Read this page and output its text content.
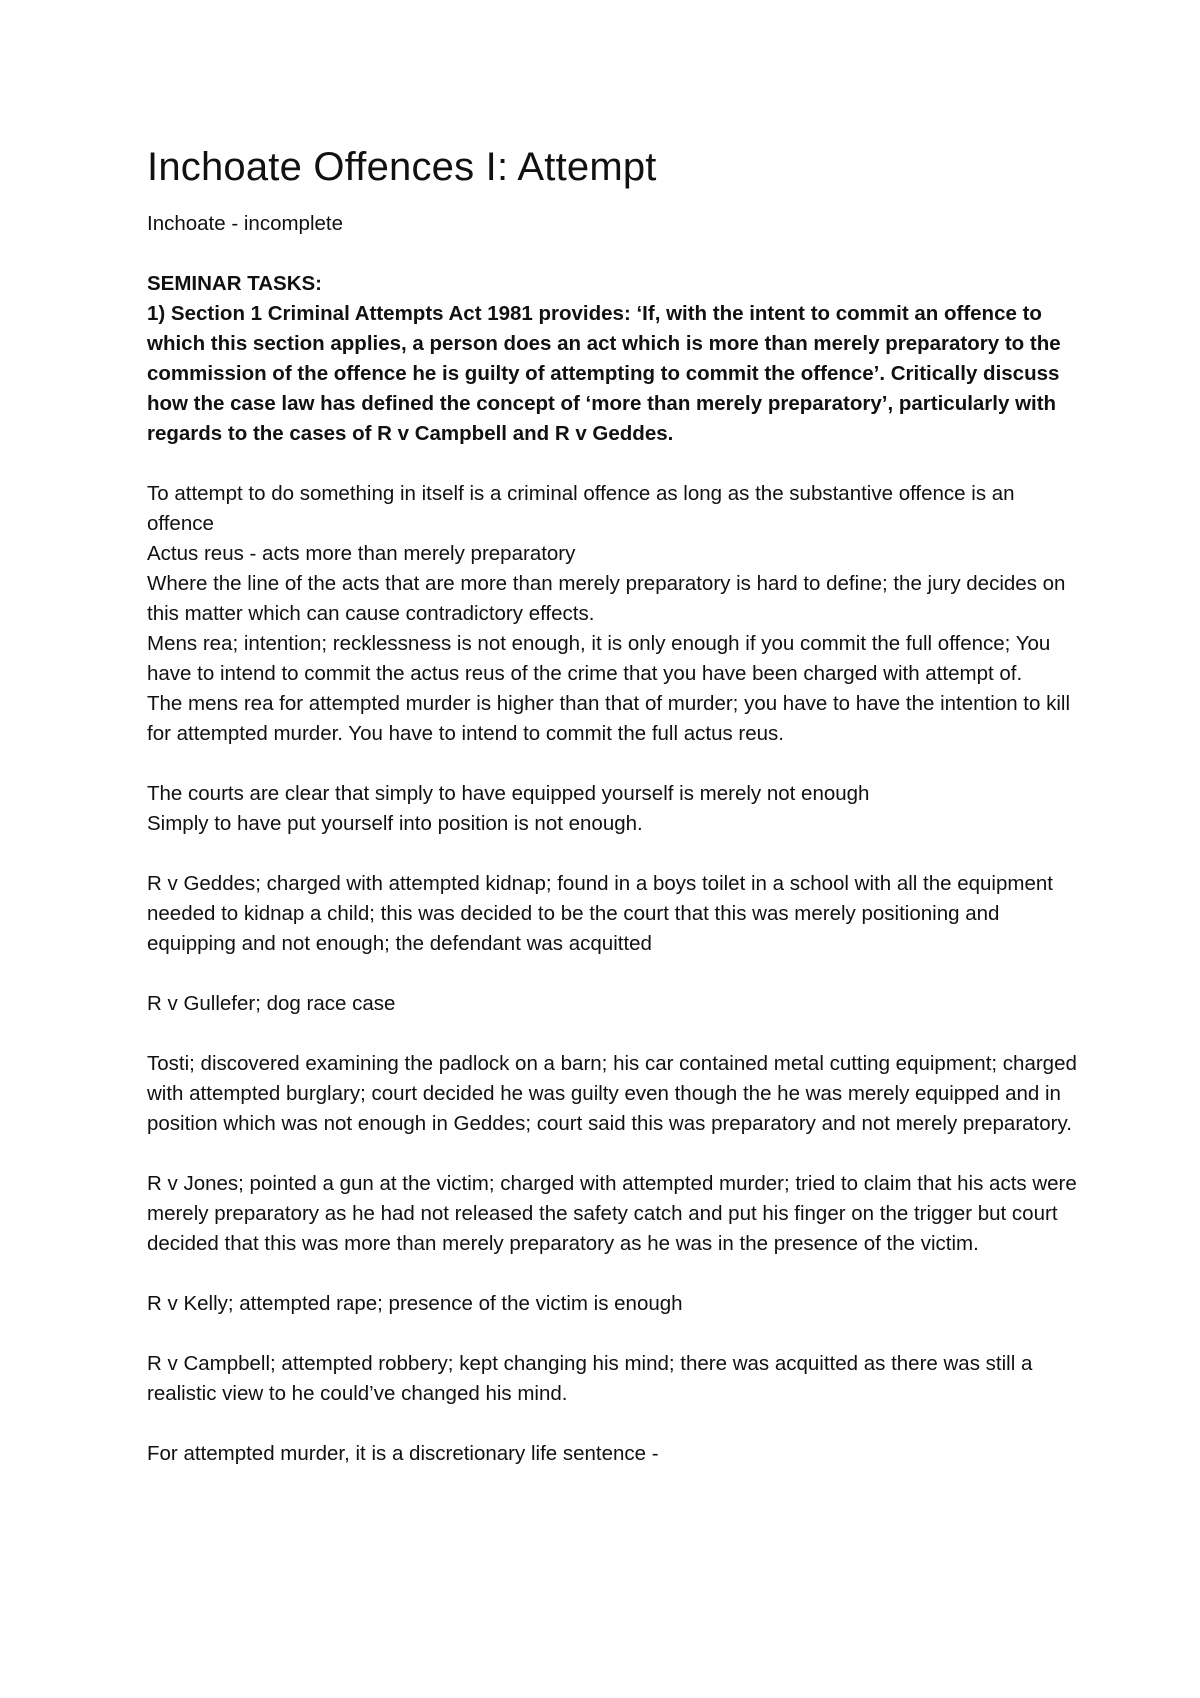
Inchoate Offences I: Attempt

Inchoate - incomplete

SEMINAR TASKS:

1) Section 1 Criminal Attempts Act 1981 provides: ‘If, with the intent to commit an offence to which this section applies, a person does an act which is more than merely preparatory to the commission of the offence he is guilty of attempting to commit the offence’. Critically discuss how the case law has defined the concept of ‘more than merely preparatory’, particularly with regards to the cases of R v Campbell and R v Geddes.

To attempt to do something in itself is a criminal offence as long as the substantive offence is an offence

Actus reus - acts more than merely preparatory

Where the line of the acts that are more than merely preparatory is hard to define; the jury decides on this matter which can cause contradictory effects.

Mens rea; intention; recklessness is not enough, it is only enough if you commit the full offence; You have to intend to commit the actus reus of the crime that you have been charged with attempt of.

The mens rea for attempted murder is higher than that of murder; you have to have the intention to kill for attempted murder. You have to intend to commit the full actus reus.

The courts are clear that simply to have equipped yourself is merely not enough

Simply to have put yourself into position is not enough.

R v Geddes; charged with attempted kidnap; found in a boys toilet in a school with all the equipment needed to kidnap a child; this was decided to be the court that this was merely positioning and equipping and not enough; the defendant was acquitted

R v Gullefer; dog race case

Tosti; discovered examining the padlock on a barn; his car contained metal cutting equipment; charged with attempted burglary; court decided he was guilty even though the he was merely equipped and in position which was not enough in Geddes; court said this was preparatory and not merely preparatory.

R v Jones; pointed a gun at the victim; charged with attempted murder; tried to claim that his acts were merely preparatory as he had not released the safety catch and put his finger on the trigger but court decided that this was more than merely preparatory as he was in the presence of the victim.

R v Kelly; attempted rape; presence of the victim is enough

R v Campbell; attempted robbery; kept changing his mind; there was acquitted as there was still a realistic view to he could’ve changed his mind.

For attempted murder, it is a discretionary life sentence -
